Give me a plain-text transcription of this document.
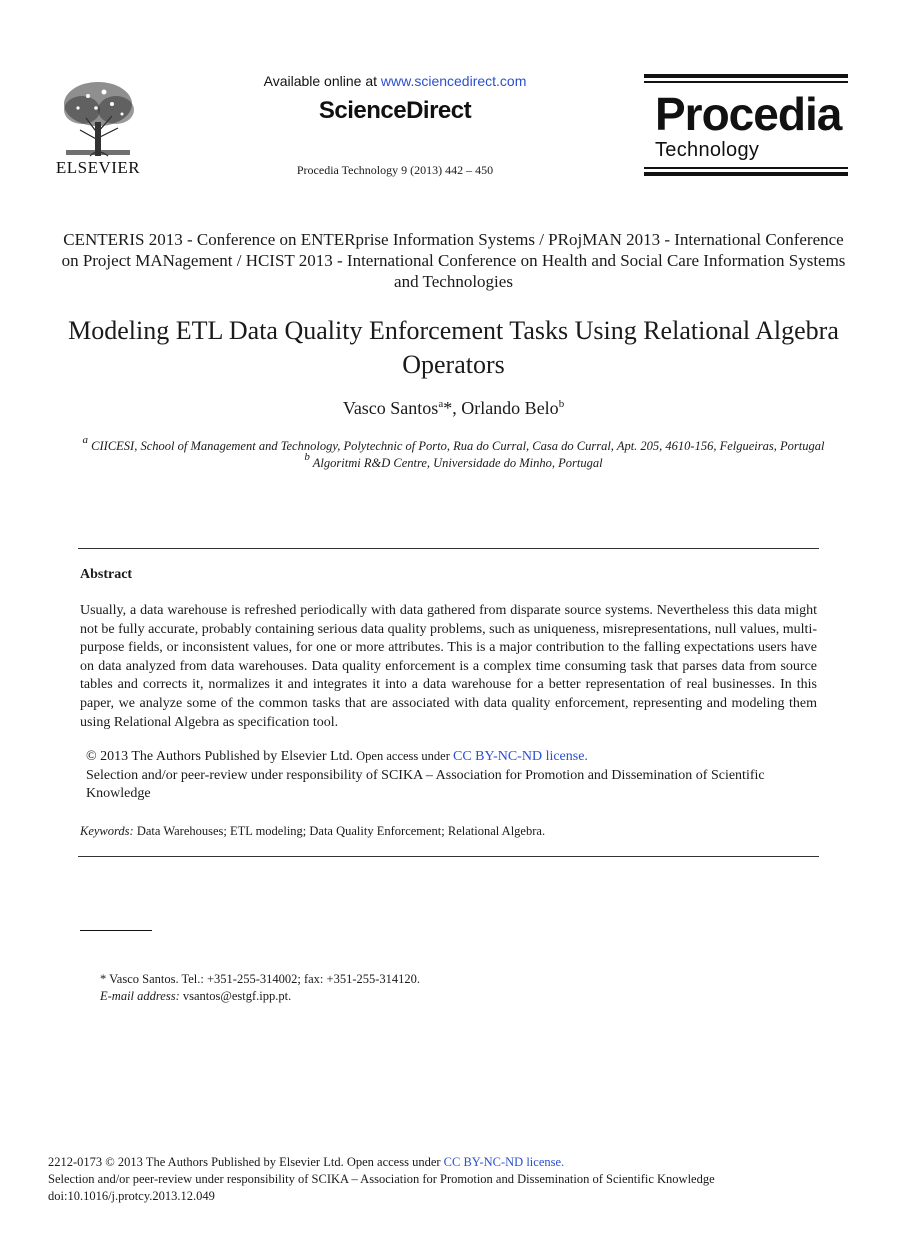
ELSEVIER
Available online at www.sciencedirect.com
ScienceDirect
Procedia Technology 9 (2013) 442 – 450
Procedia
Technology
CENTERIS 2013 - Conference on ENTERprise Information Systems / PRojMAN 2013 - International Conference on Project MANagement / HCIST 2013 - International Conference on Health and Social Care Information Systems and Technologies
Modeling ETL Data Quality Enforcement Tasks Using Relational Algebra Operators
Vasco Santos$^a$*, Orlando Belo$^b$
$^a$ CIICESI, School of Management and Technology, Polytechnic of Porto, Rua do Curral, Casa do Curral, Apt. 205, 4610-156, Felgueiras, Portugal
$^b$ Algoritmi R&D Centre, Universidade do Minho, Portugal
Abstract
Usually, a data warehouse is refreshed periodically with data gathered from disparate source systems. Nevertheless this data might not be fully accurate, probably containing serious data quality problems, such as uniqueness, misrepresentations, null values, multi-purpose fields, or inconsistent values, for one or more attributes. This is a major contribution to the falling expectations users have on data analyzed from data warehouses. Data quality enforcement is a complex time consuming task that parses data from source tables and corrects it, normalizes it and integrates it into a data warehouse for a better representation of real businesses. In this paper, we analyze some of the common tasks that are associated with data quality enforcement, representing and modeling them using Relational Algebra as specification tool.
© 2013 The Authors Published by Elsevier Ltd. Open access under CC BY-NC-ND license.
Selection and/or peer-review under responsibility of SCIKA – Association for Promotion and Dissemination of Scientific Knowledge
Keywords: Data Warehouses; ETL modeling; Data Quality Enforcement; Relational Algebra.
* Vasco Santos. Tel.: +351-255-314002; fax: +351-255-314120.
E-mail address: vsantos@estgf.ipp.pt.
2212-0173 © 2013 The Authors Published by Elsevier Ltd. Open access under CC BY-NC-ND license.
Selection and/or peer-review under responsibility of SCIKA – Association for Promotion and Dissemination of Scientific Knowledge
doi:10.1016/j.protcy.2013.12.049
